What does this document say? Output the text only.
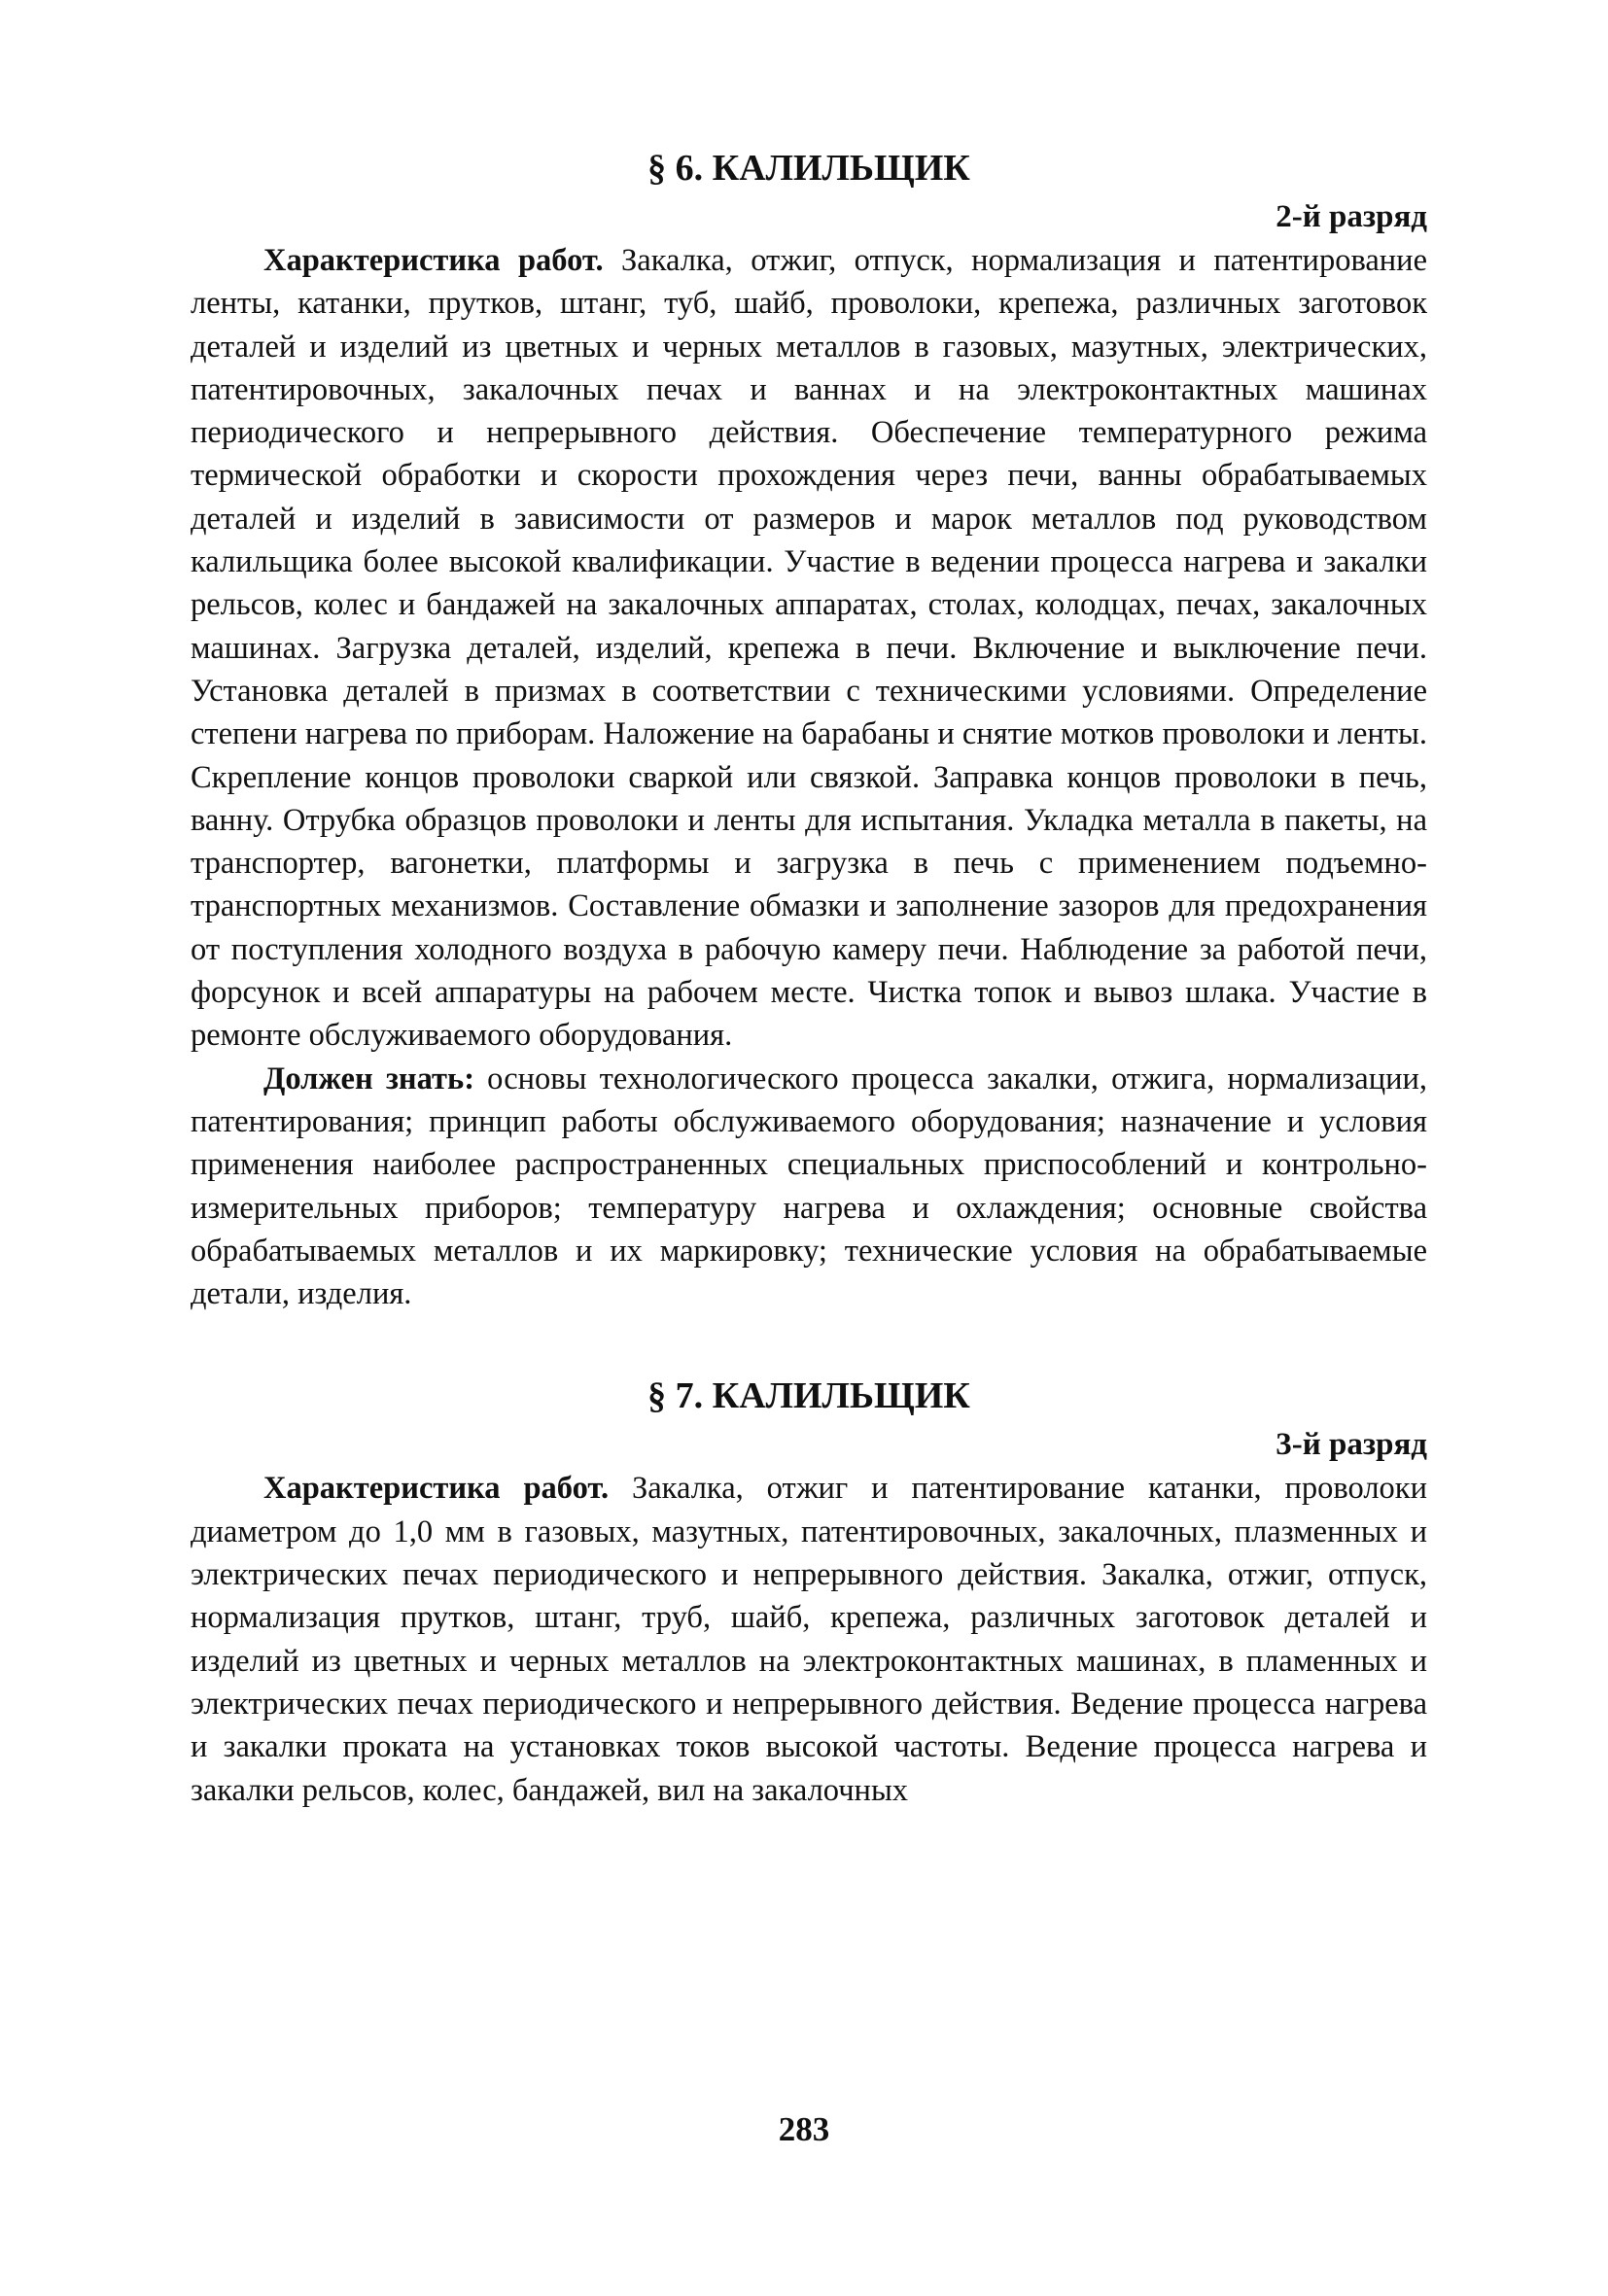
§ 6. КАЛИЛЬЩИК
2-й разряд

Характеристика работ. Закалка, отжиг, отпуск, нормализация и патентирование ленты, катанки, прутков, штанг, туб, шайб, проволоки, крепежа, различных заготовок деталей и изделий из цветных и черных металлов в газовых, мазутных, электрических, патентировочных, закалочных печах и ваннах и на электроконтактных машинах периодического и непрерывного действия. Обеспечение температурного режима термической обработки и скорости прохождения через печи, ванны обрабатываемых деталей и изделий в зависимости от размеров и марок металлов под руководством калильщика более высокой квалификации. Участие в ведении процесса нагрева и закалки рельсов, колес и бандажей на закалочных аппаратах, столах, колодцах, печах, закалочных машинах. Загрузка деталей, изделий, крепежа в печи. Включение и выключение печи. Установка деталей в призмах в соответствии с техническими условиями. Определение степени нагрева по приборам. Наложение на барабаны и снятие мотков проволоки и ленты. Скрепление концов проволоки сваркой или связкой. Заправка концов проволоки в печь, ванну. Отрубка образцов проволоки и ленты для испытания. Укладка металла в пакеты, на транспортер, вагонетки, платформы и загрузка в печь с применением подъемно-транспортных механизмов. Составление обмазки и заполнение зазоров для предохранения от поступления холодного воздуха в рабочую камеру печи. Наблюдение за работой печи, форсунок и всей аппаратуры на рабочем месте. Чистка топок и вывоз шлака. Участие в ремонте обслуживаемого оборудования.

Должен знать: основы технологического процесса закалки, отжига, нормализации, патентирования; принцип работы обслуживаемого оборудования; назначение и условия применения наиболее распространенных специальных приспособлений и контрольно-измерительных приборов; температуру нагрева и охлаждения; основные свойства обрабатываемых металлов и их маркировку; технические условия на обрабатываемые детали, изделия.

§ 7. КАЛИЛЬЩИК
3-й разряд

Характеристика работ. Закалка, отжиг и патентирование катанки, проволоки диаметром до 1,0 мм в газовых, мазутных, патентировочных, закалочных, плазменных и электрических печах периодического и непрерывного действия. Закалка, отжиг, отпуск, нормализация прутков, штанг, труб, шайб, крепежа, различных заготовок деталей и изделий из цветных и черных металлов на электроконтактных машинах, в пламенных и электрических печах периодического и непрерывного действия. Ведение процесса нагрева и закалки проката на установках токов высокой частоты. Ведение процесса нагрева и закалки рельсов, колес, бандажей, вил на закалочных

283
